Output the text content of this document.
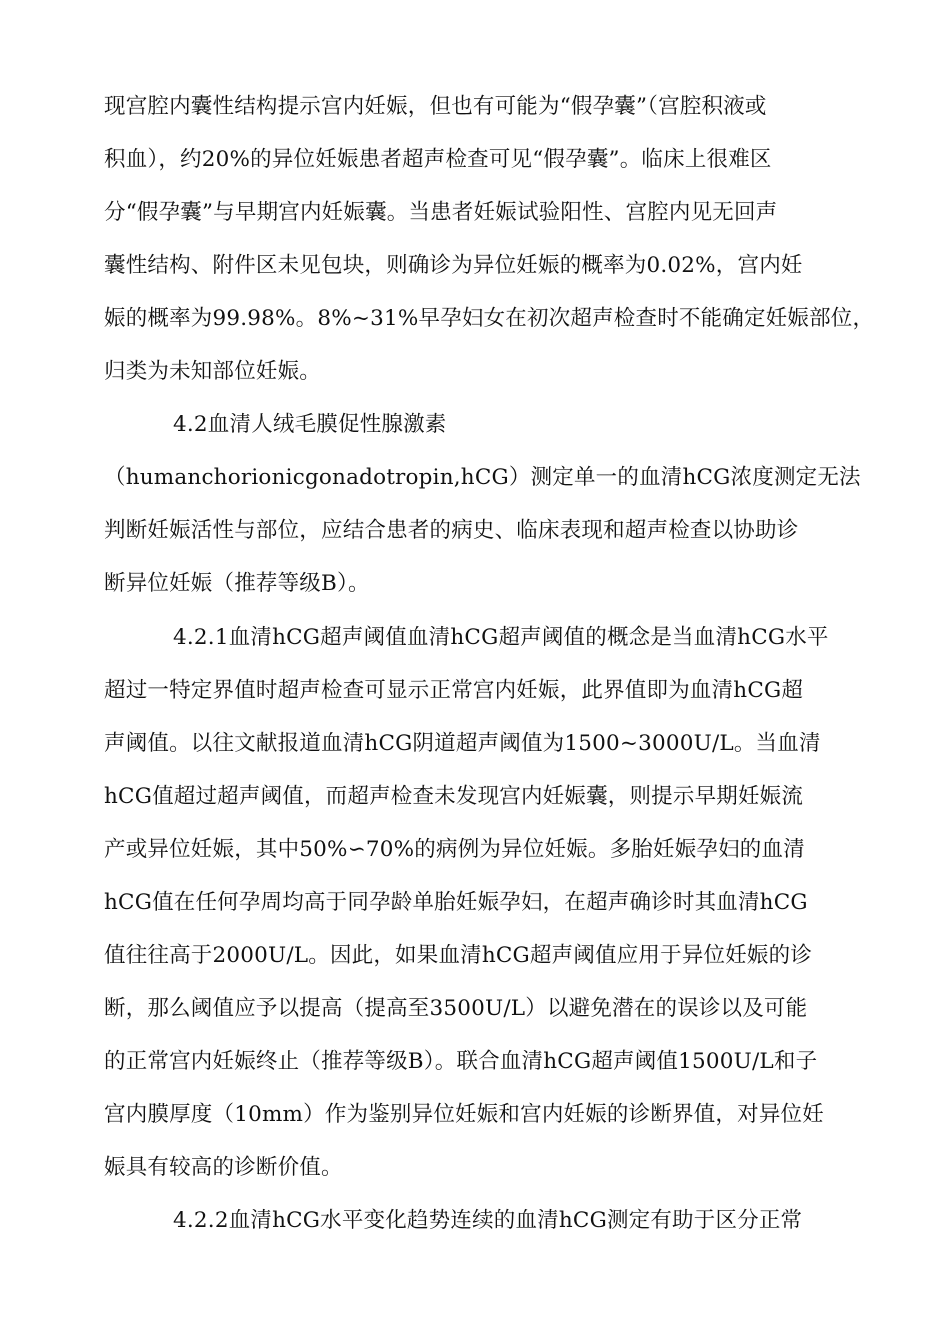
现宫腔内囊性结构提示宫内妊娠，但也有可能为“假孕囊”（宫腔积液或
积血），约20%的异位妊娠患者超声检查可见“假孕囊”。临床上很难区
分“假孕囊”与早期宫内妊娠囊。当患者妊娠试验阳性、宫腔内见无回声
囊性结构、附件区未见包块，则确诊为异位妊娠的概率为0.02%，宫内妊
娠的概率为99.98%。8%~31%早孕妇女在初次超声检查时不能确定妊娠部位，
归类为未知部位妊娠。
4.2血清人绒毛膜促性腺激素
（humanchorionicgonadotropin,hCG）测定单一的血清hCG浓度测定无法
判断妊娠活性与部位，应结合患者的病史、临床表现和超声检查以协助诊
断异位妊娠（推荐等级B）。
4.2.1血清hCG超声阈值血清hCG超声阈值的概念是当血清hCG水平
超过一特定界值时超声检查可显示正常宫内妊娠，此界值即为血清hCG超
声阈值。以往文献报道血清hCG阴道超声阈值为1500~3000U/L。当血清
hCG值超过超声阈值，而超声检查未发现宫内妊娠囊，则提示早期妊娠流
产或异位妊娠，其中50%∽70%的病例为异位妊娠。多胎妊娠孕妇的血清
hCG值在任何孕周均高于同孕龄单胎妊娠孕妇，在超声确诊时其血清hCG
值往往高于2000U/L。因此，如果血清hCG超声阈值应用于异位妊娠的诊
断，那么阈值应予以提高（提高至3500U/L）以避免潜在的误诊以及可能
的正常宫内妊娠终止（推荐等级B）。联合血清hCG超声阈值1500U/L和子
宫内膜厚度（10mm）作为鉴别异位妊娠和宫内妊娠的诊断界值，对异位妊
娠具有较高的诊断价值。
4.2.2血清hCG水平变化趋势连续的血清hCG测定有助于区分正常
